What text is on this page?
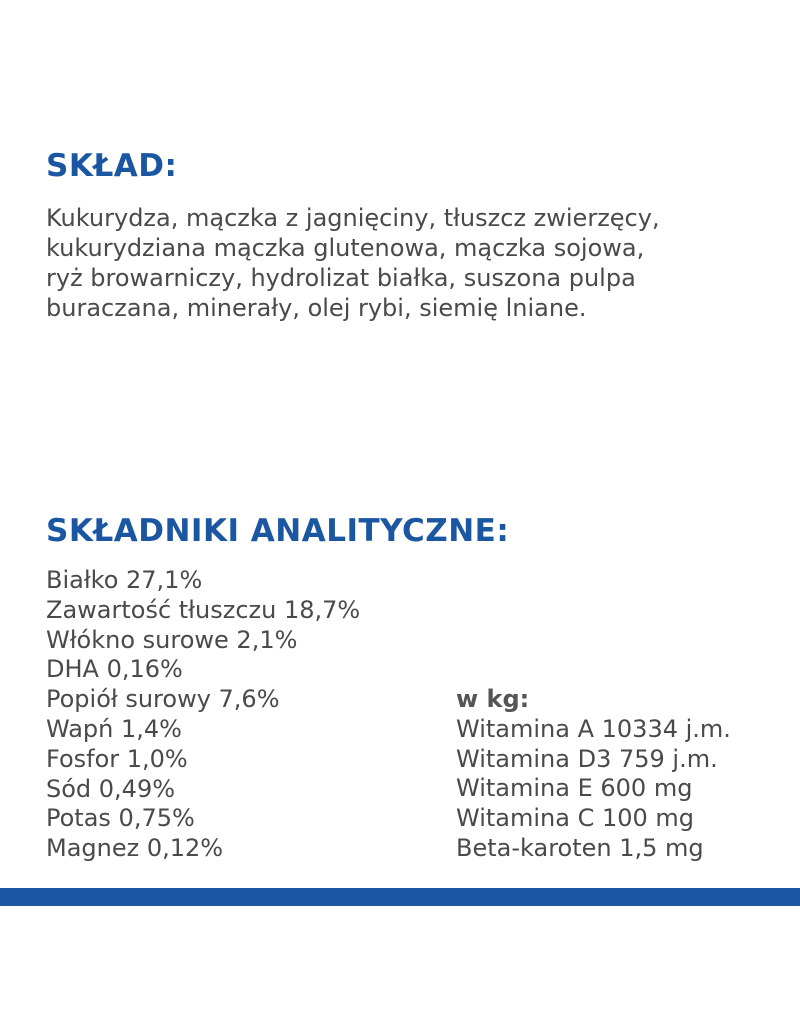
SKŁAD:

Kukurydza, mączka z jagnięciny, tłuszcz zwierzęcy, kukurydziana mączka glutenowa, mączka sojowa, ryż browarniczy, hydrolizat białka, suszona pulpa buraczana, minerały, olej rybi, siemię lniane.

SKŁADNIKI ANALITYCZNE:
Białko 27,1%
Zawartość tłuszczu 18,7%
Włókno surowe 2,1%
DHA 0,16%
Popiół surowy 7,6%
Wapń 1,4%
Fosfor 1,0%
Sód 0,49%
Potas 0,75%
Magnez 0,12%
w kg:
Witamina A 10334 j.m.
Witamina D3 759 j.m.
Witamina E 600 mg
Witamina C 100 mg
Beta-karoten 1,5 mg
